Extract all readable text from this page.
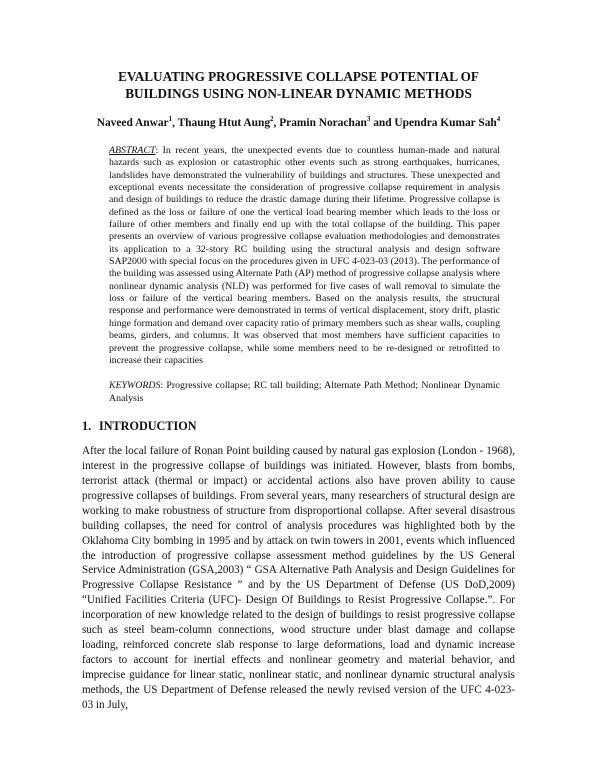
EVALUATING PROGRESSIVE COLLAPSE POTENTIAL OF BUILDINGS USING NON-LINEAR DYNAMIC METHODS
Naveed Anwar$^1$, Thaung Htut Aung$^2$, Pramin Norachan$^3$ and Upendra Kumar Sah$^4$

ABSTRACT: In recent years, the unexpected events due to countless human-made and natural hazards such as explosion or catastrophic other events such as strong earthquakes, hurricanes, landslides have demonstrated the vulnerability of buildings and structures. These unexpected and exceptional events necessitate the consideration of progressive collapse requirement in analysis and design of buildings to reduce the drastic damage during their lifetime. Progressive collapse is defined as the loss or failure of one the vertical load bearing member which leads to the loss or failure of other members and finally end up with the total collapse of the building. This paper presents an overview of various progressive collapse evaluation methodologies and demonstrates its application to a 32-story RC building using the structural analysis and design software SAP2000 with special focus on the procedures given in UFC 4-023-03 (2013). The performance of the building was assessed using Alternate Path (AP) method of progressive collapse analysis where nonlinear dynamic analysis (NLD) was performed for five cases of wall removal to simulate the loss or failure of the vertical bearing members. Based on the analysis results, the structural response and performance were demonstrated in terms of vertical displacement, story drift, plastic hinge formation and demand over capacity ratio of primary members such as shear walls, coupling beams, girders, and columns. It was observed that most members have sufficient capacities to prevent the progressive collapse, while some members need to be re-designed or retrofitted to increase their capacities

KEYWORDS: Progressive collapse; RC tall building; Alternate Path Method; Nonlinear Dynamic Analysis

1. INTRODUCTION

After the local failure of Ronan Point building caused by natural gas explosion (London - 1968), interest in the progressive collapse of buildings was initiated. However, blasts from bombs, terrorist attack (thermal or impact) or accidental actions also have proven ability to cause progressive collapses of buildings. From several years, many researchers of structural design are working to make robustness of structure from disproportional collapse. After several disastrous building collapses, the need for control of analysis procedures was highlighted both by the Oklahoma City bombing in 1995 and by attack on twin towers in 2001, events which influenced the introduction of progressive collapse assessment method guidelines by the US General Service Administration (GSA,2003) “ GSA Alternative Path Analysis and Design Guidelines for Progressive Collapse Resistance ” and by the US Department of Defense (US DoD,2009) “Unified Facilities Criteria (UFC)- Design Of Buildings to Resist Progressive Collapse.”. For incorporation of new knowledge related to the design of buildings to resist progressive collapse such as steel beam-column connections, wood structure under blast damage and collapse loading, reinforced concrete slab response to large deformations, load and dynamic increase factors to account for inertial effects and nonlinear geometry and material behavior, and imprecise guidance for linear static, nonlinear static, and nonlinear dynamic structural analysis methods, the US Department of Defense released the newly revised version of the UFC 4-023-03 in July,
